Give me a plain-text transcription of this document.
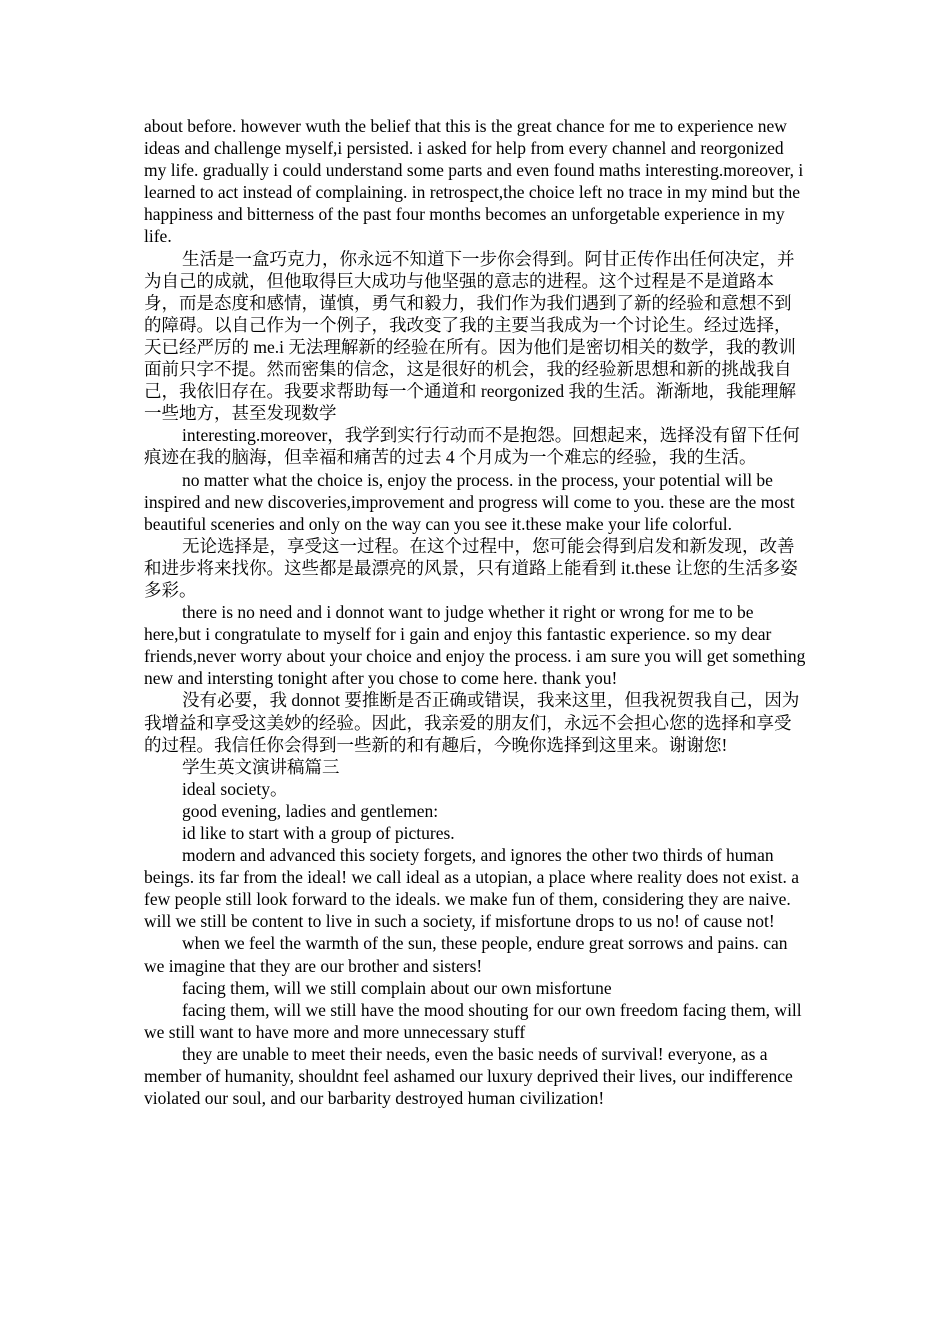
about before. however wuth the belief that this is the great chance for me to experience new ideas and challenge myself,i persisted. i asked for help from every channel and reorgonized my life. gradually i could understand some parts and even found maths interesting.moreover, i learned to act instead of complaining. in retrospect,the choice left no trace in my mind but the happiness and bitterness of the past four months becomes an unforgetable experience in my life.

生活是一盒巧克力，你永远不知道下一步你会得到。阿甘正传作出任何决定，并为自己的成就，但他取得巨大成功与他坚强的意志的进程。这个过程是不是道路本身，而是态度和感情，谨慎，勇气和毅力，我们作为我们遇到了新的经验和意想不到的障碍。以自己作为一个例子，我改变了我的主要当我成为一个讨论生。经过选择，天已经严厉的 me.i 无法理解新的经验在所有。因为他们是密切相关的数学，我的教训面前只字不提。然而密集的信念，这是很好的机会，我的经验新思想和新的挑战我自己，我依旧存在。我要求帮助每一个通道和 reorgonized 我的生活。渐渐地，我能理解一些地方，甚至发现数学

interesting.moreover，我学到实行行动而不是抱怨。回想起来，选择没有留下任何痕迹在我的脑海，但幸福和痛苦的过去 4 个月成为一个难忘的经验，我的生活。

no matter what the choice is, enjoy the process. in the process, your potential will be inspired and new discoveries,improvement and progress will come to you. these are the most beautiful sceneries and only on the way can you see it.these make your life colorful.

无论选择是，享受这一过程。在这个过程中，您可能会得到启发和新发现，改善和进步将来找你。这些都是最漂亮的风景，只有道路上能看到 it.these 让您的生活多姿多彩。

there is no need and i donnot want to judge whether it right or wrong for me to be here,but i congratulate to myself for i gain and enjoy this fantastic experience. so my dear friends,never worry about your choice and enjoy the process. i am sure you will get something new and intersting tonight after you chose to come here. thank you!

没有必要，我 donnot 要推断是否正确或错误，我来这里，但我祝贺我自己，因为我增益和享受这美妙的经验。因此，我亲爱的朋友们，永远不会担心您的选择和享受的过程。我信任你会得到一些新的和有趣后，今晚你选择到这里来。谢谢您!

学生英文演讲稿篇三

ideal society。

good evening, ladies and gentlemen:

id like to start with a group of pictures.

modern and advanced this society forgets, and ignores the other two thirds of human beings. its far from the ideal! we call ideal as a utopian, a place where reality does not exist. a few people still look forward to the ideals. we make fun of them, considering they are naive. will we still be content to live in such a society, if misfortune drops to us no! of cause not!

when we feel the warmth of the sun, these people, endure great sorrows and pains. can we imagine that they are our brother and sisters!

facing them, will we still complain about our own misfortune

facing them, will we still have the mood shouting for our own freedom facing them, will we still want to have more and more unnecessary stuff

they are unable to meet their needs, even the basic needs of survival! everyone, as a member of humanity, shouldnt feel ashamed our luxury deprived their lives, our indifference violated our soul, and our barbarity destroyed human civilization!
